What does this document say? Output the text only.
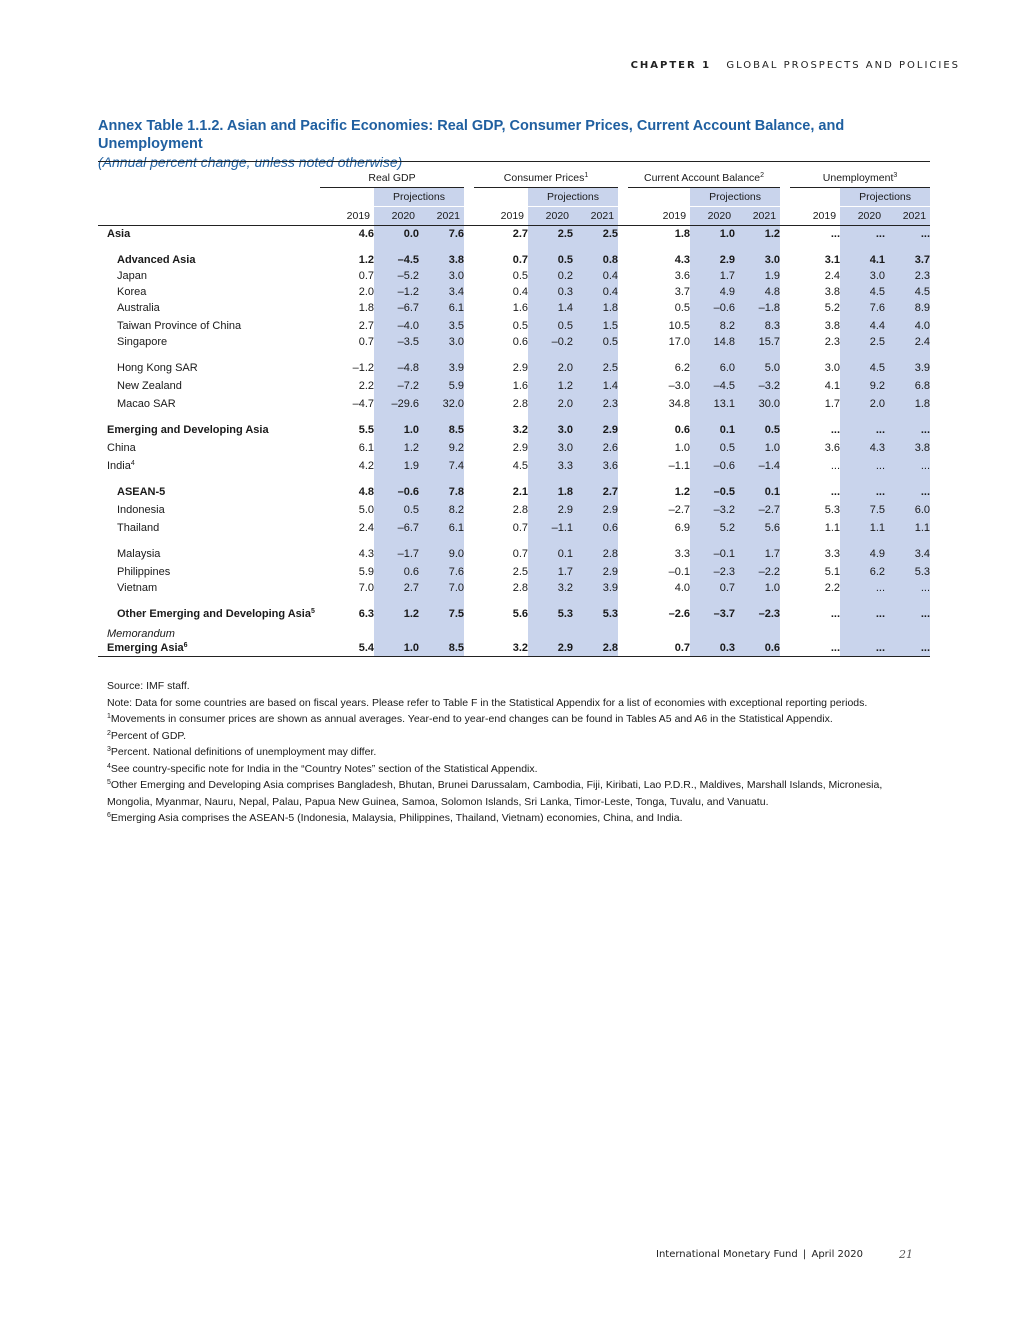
CHAPTER 1 GLOBAL PROSPECTS AND POLICIES
Annex Table 1.1.2. Asian and Pacific Economies: Real GDP, Consumer Prices, Current Account Balance, and Unemployment
(Annual percent change, unless noted otherwise)
	Real GDP				Consumer Prices$^1$				Current Account Balance$^2$				Unemployment$^3$
		Projections				Projections				Projections				Projections	
	2019	2020	2021		2019	2020	2021		2019	2020	2021		2019	2020	2021
Asia	4.6	0.0	7.6		2.7	2.5	2.5		1.8	1.0	1.2		...	...	...

Advanced Asia	1.2	–4.5	3.8		0.7	0.5	0.8		4.3	2.9	3.0		3.1	4.1	3.7
Japan	0.7	–5.2	3.0		0.5	0.2	0.4		3.6	1.7	1.9		2.4	3.0	2.3
Korea	2.0	–1.2	3.4		0.4	0.3	0.4		3.7	4.9	4.8		3.8	4.5	4.5
Australia	1.8	–6.7	6.1		1.6	1.4	1.8		0.5	–0.6	–1.8		5.2	7.6	8.9

Taiwan Province of China	2.7	–4.0	3.5		0.5	0.5	1.5		10.5	8.2	8.3		3.8	4.4	4.0
Singapore	0.7	–3.5	3.0		0.6	–0.2	0.5		17.0	14.8	15.7		2.3	2.5	2.4

Hong Kong SAR	–1.2	–4.8	3.9		2.9	2.0	2.5		6.2	6.0	5.0		3.0	4.5	3.9

New Zealand	2.2	–7.2	5.9		1.6	1.2	1.4		–3.0	–4.5	–3.2		4.1	9.2	6.8

Macao SAR	–4.7	–29.6	32.0		2.8	2.0	2.3		34.8	13.1	30.0		1.7	2.0	1.8

Emerging and Developing Asia	5.5	1.0	8.5		3.2	3.0	2.9		0.6	0.1	0.5		...	...	...

China	6.1	1.2	9.2		2.9	3.0	2.6		1.0	0.5	1.0		3.6	4.3	3.8

India$^4$	4.2	1.9	7.4		4.5	3.3	3.6		–1.1	–0.6	–1.4		...	...	...

ASEAN-5	4.8	–0.6	7.8		2.1	1.8	2.7		1.2	–0.5	0.1		...	...	...

Indonesia	5.0	0.5	8.2		2.8	2.9	2.9		–2.7	–3.2	–2.7		5.3	7.5	6.0

Thailand	2.4	–6.7	6.1		0.7	–1.1	0.6		6.9	5.2	5.6		1.1	1.1	1.1

Malaysia	4.3	–1.7	9.0		0.7	0.1	2.8		3.3	–0.1	1.7		3.3	4.9	3.4

Philippines	5.9	0.6	7.6		2.5	1.7	2.9		–0.1	–2.3	–2.2		5.1	6.2	5.3
Vietnam	7.0	2.7	7.0		2.8	3.2	3.9		4.0	0.7	1.0		2.2	...	...

Other Emerging and Developing Asia$^5$	6.3	1.2	7.5		5.6	5.3	5.3		–2.6	–3.7	–2.3		...	...	...
Memorandum															
Emerging Asia$^6$	5.4	1.0	8.5		3.2	2.9	2.8		0.7	0.3	0.6		...	...	...

Source: IMF staff.

Note: Data for some countries are based on fiscal years. Please refer to Table F in the Statistical Appendix for a list of economies with exceptional reporting periods.

$^1$Movements in consumer prices are shown as annual averages. Year-end to year-end changes can be found in Tables A5 and A6 in the Statistical Appendix.

$^2$Percent of GDP.

$^3$Percent. National definitions of unemployment may differ.

$^4$See country-specific note for India in the “Country Notes” section of the Statistical Appendix.

$^5$Other Emerging and Developing Asia comprises Bangladesh, Bhutan, Brunei Darussalam, Cambodia, Fiji, Kiribati, Lao P.D.R., Maldives, Marshall Islands, Micronesia, Mongolia, Myanmar, Nauru, Nepal, Palau, Papua New Guinea, Samoa, Solomon Islands, Sri Lanka, Timor-Leste, Tonga, Tuvalu, and Vanuatu.

$^6$Emerging Asia comprises the ASEAN-5 (Indonesia, Malaysia, Philippines, Thailand, Vietnam) economies, China, and India.

International Monetary Fund | April 2020	21
